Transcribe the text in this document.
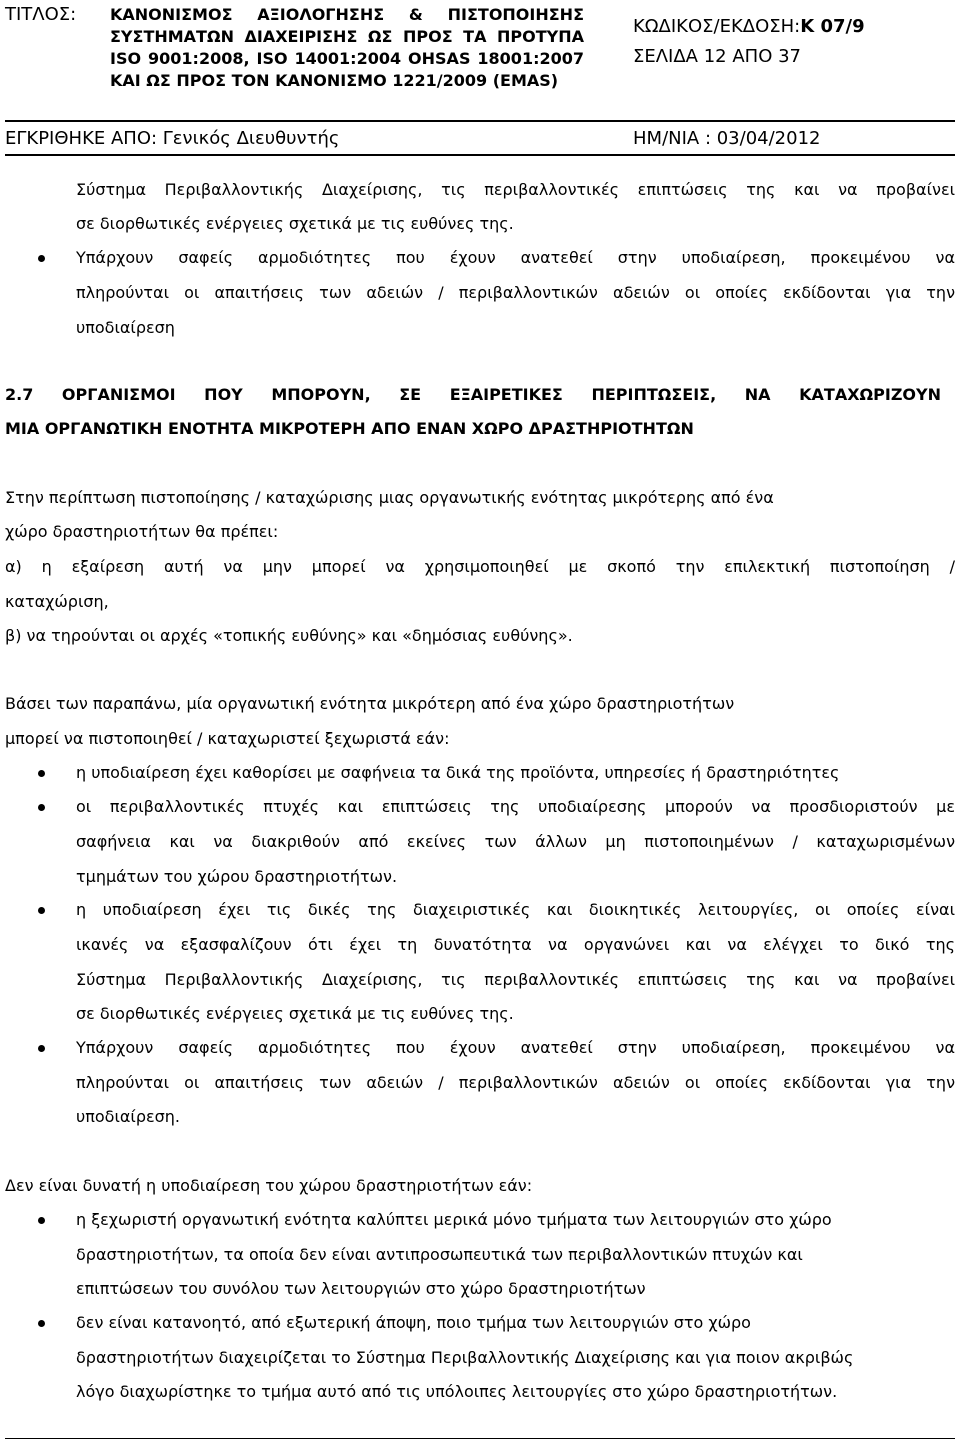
ΤΙΤΛΟΣ: ΚΑΝΟΝΙΣΜΟΣ ΑΞΙΟΛΟΓΗΣΗΣ & ΠΙΣΤΟΠΟΙΗΣΗΣ ΣΥΣΤΗΜΑΤΩΝ ΔΙΑΧΕΙΡΙΣΗΣ ΩΣ ΠΡΟΣ ΤΑ ΠΡΟΤΥΠΑ ISO 9001:2008, ISO 14001:2004 OHSAS 18001:2007 ΚΑΙ ΩΣ ΠΡΟΣ ΤΟΝ ΚΑΝΟΝΙΣΜΟ 1221/2009 (EMAS)
ΚΩΔΙΚΟΣ/ΕΚΔΟΣΗ:Κ 07/9
ΣΕΛΙΔΑ 12 ΑΠΟ 37
ΕΓΚΡΙΘΗΚΕ ΑΠΟ: Γενικός Διευθυντής	ΗΜ/ΝΙΑ : 03/04/2012
Σύστημα Περιβαλλοντικής Διαχείρισης, τις περιβαλλοντικές επιπτώσεις της και να προβαίνει
σε διορθωτικές ενέργειες σχετικά με τις ευθύνες της.
Υπάρχουν σαφείς αρμοδιότητες που έχουν ανατεθεί στην υποδιαίρεση, προκειμένου να
πληρούνται οι απαιτήσεις των αδειών / περιβαλλοντικών αδειών οι οποίες εκδίδονται για την
υποδιαίρεση
2.7 ΟΡΓΑΝΙΣΜΟΙ ΠΟΥ ΜΠΟΡΟΥΝ, ΣΕ ΕΞΑΙΡΕΤΙΚΕΣ ΠΕΡΙΠΤΩΣΕΙΣ, ΝΑ ΚΑΤΑΧΩΡΙΖΟΥΝ
ΜΙΑ ΟΡΓΑΝΩΤΙΚΗ ΕΝΟΤΗΤΑ ΜΙΚΡΟΤΕΡΗ ΑΠΟ ΕΝΑΝ ΧΩΡΟ ΔΡΑΣΤΗΡΙΟΤΗΤΩΝ
Στην περίπτωση πιστοποίησης / καταχώρισης μιας οργανωτικής ενότητας μικρότερης από ένα
χώρο δραστηριοτήτων θα πρέπει:
α) η εξαίρεση αυτή να μην μπορεί να χρησιμοποιηθεί με σκοπό την επιλεκτική πιστοποίηση /
καταχώριση,
β) να τηρούνται οι αρχές «τοπικής ευθύνης» και «δημόσιας ευθύνης».
Βάσει των παραπάνω, μία οργανωτική ενότητα μικρότερη από ένα χώρο δραστηριοτήτων
μπορεί να πιστοποιηθεί / καταχωριστεί ξεχωριστά εάν:
η υποδιαίρεση έχει καθορίσει με σαφήνεια τα δικά της προϊόντα, υπηρεσίες ή δραστηριότητες
οι περιβαλλοντικές πτυχές και επιπτώσεις της υποδιαίρεσης μπορούν να προσδιοριστούν με
σαφήνεια και να διακριθούν από εκείνες των άλλων μη πιστοποιημένων / καταχωρισμένων
τμημάτων του χώρου δραστηριοτήτων.
η υποδιαίρεση έχει τις δικές της διαχειριστικές και διοικητικές λειτουργίες, οι οποίες είναι
ικανές να εξασφαλίζουν ότι έχει τη δυνατότητα να οργανώνει και να ελέγχει το δικό της
Σύστημα Περιβαλλοντικής Διαχείρισης, τις περιβαλλοντικές επιπτώσεις της και να προβαίνει
σε διορθωτικές ενέργειες σχετικά με τις ευθύνες της.
Υπάρχουν σαφείς αρμοδιότητες που έχουν ανατεθεί στην υποδιαίρεση, προκειμένου να
πληρούνται οι απαιτήσεις των αδειών / περιβαλλοντικών αδειών οι οποίες εκδίδονται για την
υποδιαίρεση.
Δεν είναι δυνατή η υποδιαίρεση του χώρου δραστηριοτήτων εάν:
η ξεχωριστή οργανωτική ενότητα καλύπτει μερικά μόνο τμήματα των λειτουργιών στο χώρο
δραστηριοτήτων, τα οποία δεν είναι αντιπροσωπευτικά των περιβαλλοντικών πτυχών και
επιπτώσεων του συνόλου των λειτουργιών στο χώρο δραστηριοτήτων
δεν είναι κατανοητό, από εξωτερική άποψη, ποιο τμήμα των λειτουργιών στο χώρο
δραστηριοτήτων διαχειρίζεται το Σύστημα Περιβαλλοντικής Διαχείρισης και για ποιον ακριβώς
λόγο διαχωρίστηκε το τμήμα αυτό από τις υπόλοιπες λειτουργίες στο χώρο δραστηριοτήτων.
